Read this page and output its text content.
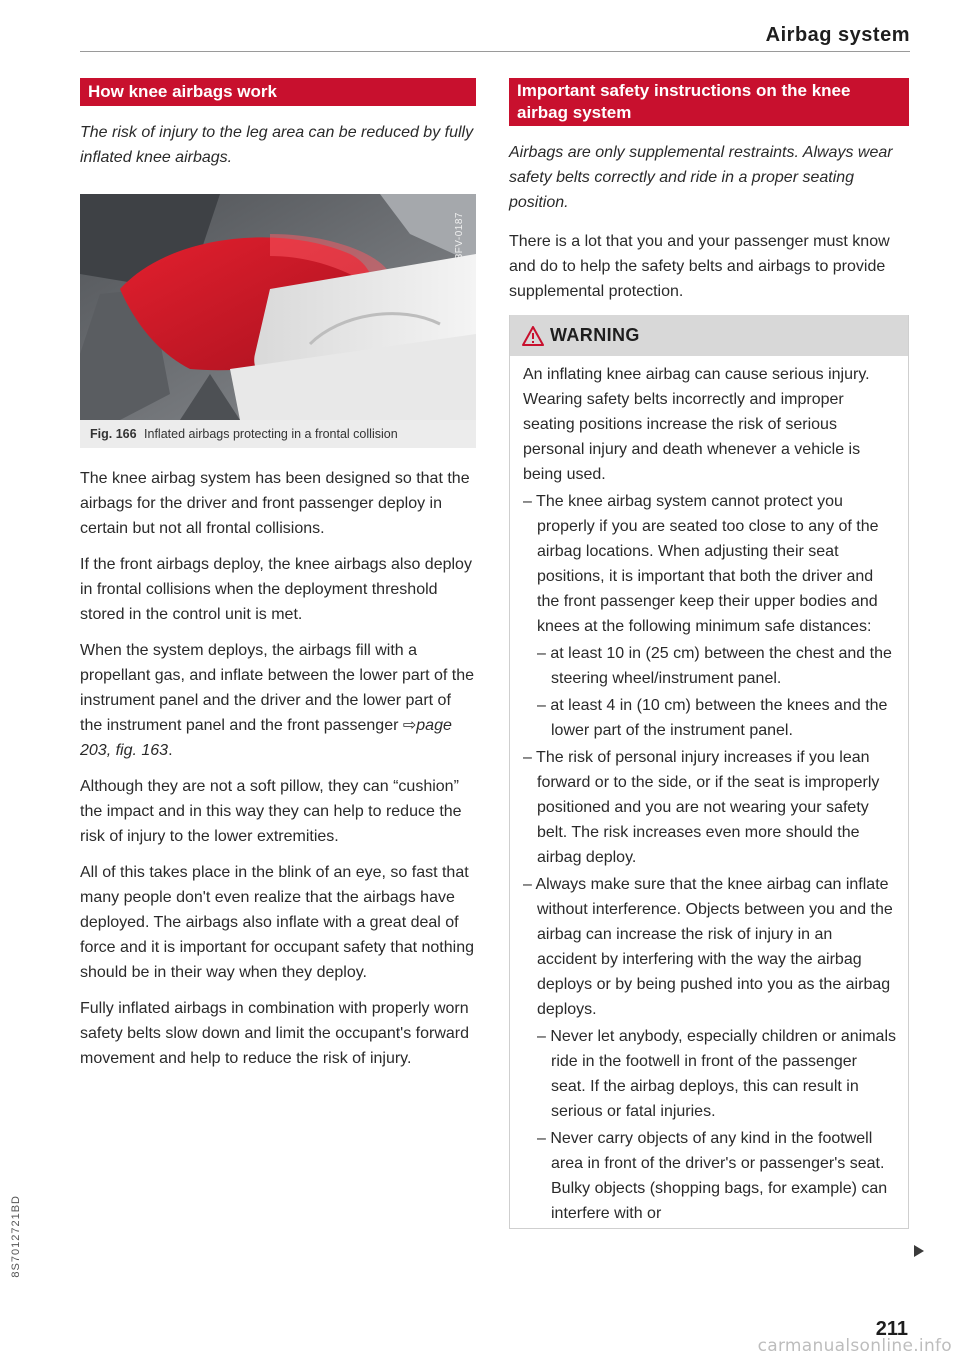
Airbag system
How knee airbags work

The risk of injury to the leg area can be reduced by fully inflated knee airbags.

8FV-0187
Fig. 166 Inflated airbags protecting in a frontal collision

The knee airbag system has been designed so that the airbags for the driver and front passenger deploy in certain but not all frontal collisions.

If the front airbags deploy, the knee airbags also deploy in frontal collisions when the deployment threshold stored in the control unit is met.

When the system deploys, the airbags fill with a propellant gas, and inflate between the lower part of the instrument panel and the driver and the lower part of the instrument panel and the front passenger ⇨page 203, fig. 163.

Although they are not a soft pillow, they can “cushion” the impact and in this way they can help to reduce the risk of injury to the lower extremities.

All of this takes place in the blink of an eye, so fast that many people don't even realize that the airbags have deployed. The airbags also inflate with a great deal of force and it is important for occupant safety that nothing should be in their way when they deploy.

Fully inflated airbags in combination with properly worn safety belts slow down and limit the occupant's forward movement and help to reduce the risk of injury.

Important safety instructions on the knee airbag system

Airbags are only supplemental restraints. Always wear safety belts correctly and ride in a proper seating position.

There is a lot that you and your passenger must know and do to help the safety belts and airbags to provide supplemental protection.

WARNING

An inflating knee airbag can cause serious injury. Wearing safety belts incorrectly and improper seating positions increase the risk of serious personal injury and death whenever a vehicle is being used.

– The knee airbag system cannot protect you properly if you are seated too close to any of the airbag locations. When adjusting their seat positions, it is important that both the driver and the front passenger keep their upper bodies and knees at the following minimum safe distances:

– at least 10 in (25 cm) between the chest and the steering wheel/instrument panel.

– at least 4 in (10 cm) between the knees and the lower part of the instrument panel.

– The risk of personal injury increases if you lean forward or to the side, or if the seat is improperly positioned and you are not wearing your safety belt. The risk increases even more should the airbag deploy.

– Always make sure that the knee airbag can inflate without interference. Objects between you and the airbag can increase the risk of injury in an accident by interfering with the way the airbag deploys or by being pushed into you as the airbag deploys.

– Never let anybody, especially children or animals ride in the footwell in front of the passenger seat. If the airbag deploys, this can result in serious or fatal injuries.

– Never carry objects of any kind in the footwell area in front of the driver's or passenger's seat. Bulky objects (shopping bags, for example) can interfere with or

211
8S7012721BD
carmanualsonline.info
